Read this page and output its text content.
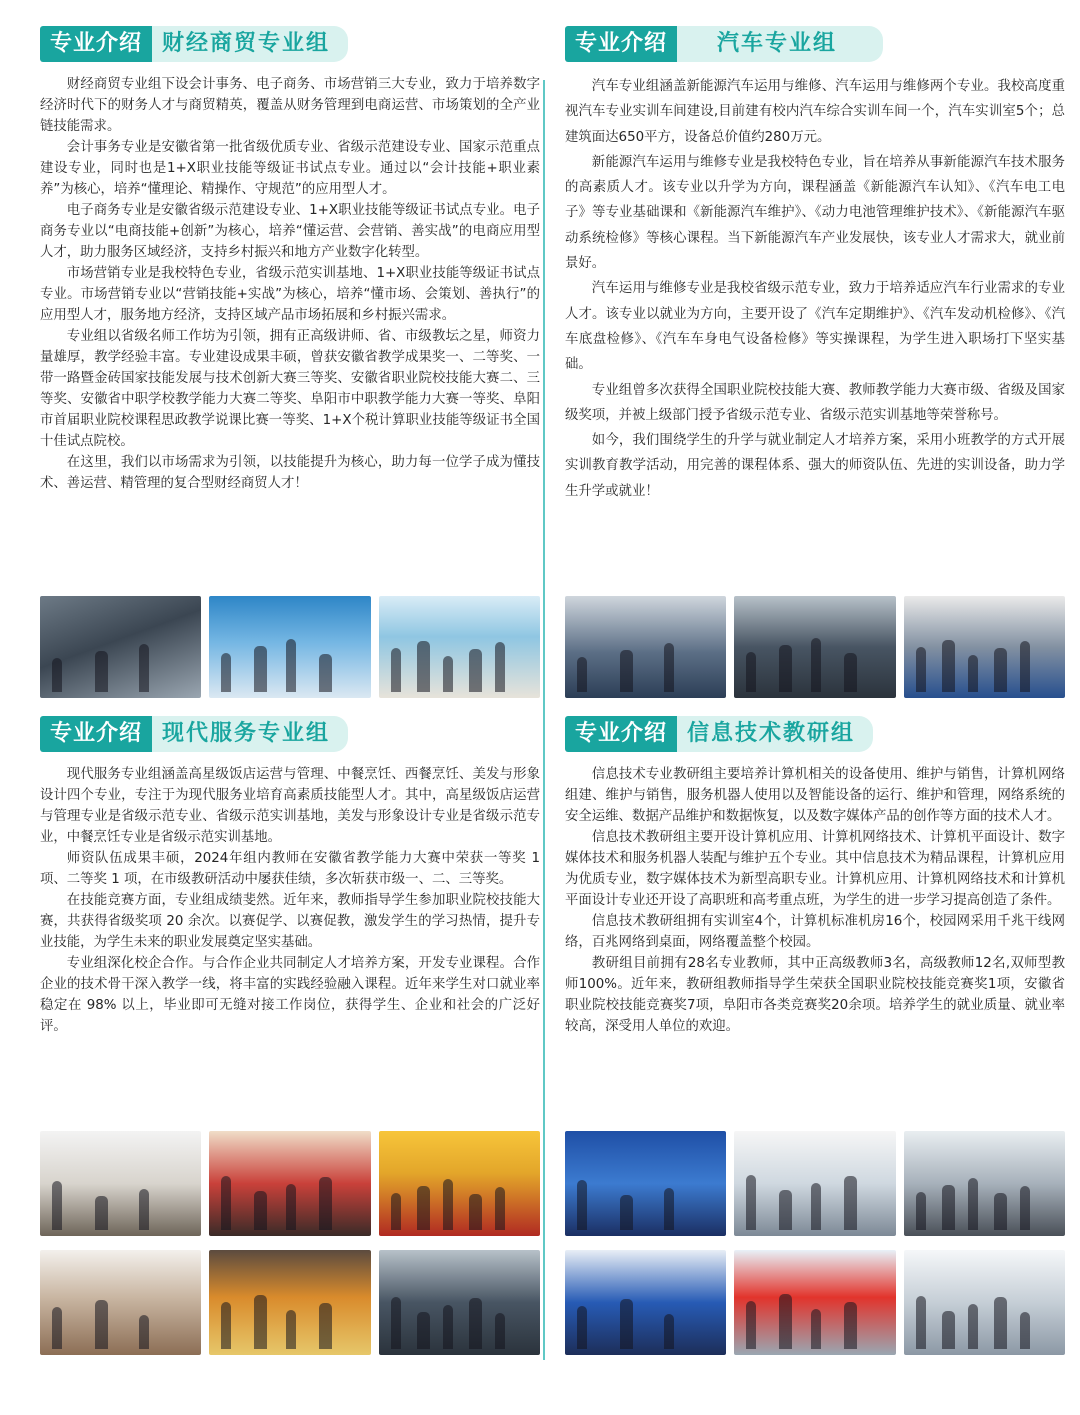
专业介绍 财经商贸专业组

财经商贸专业组下设会计事务、电子商务、市场营销三大专业，致力于培养数字经济时代下的财务人才与商贸精英，覆盖从财务管理到电商运营、市场策划的全产业链技能需求。

会计事务专业是安徽省第一批省级优质专业、省级示范建设专业、国家示范重点建设专业，同时也是1+X职业技能等级证书试点专业。通过以“会计技能+职业素养”为核心，培养“懂理论、精操作、守规范”的应用型人才。

电子商务专业是安徽省级示范建设专业、1+X职业技能等级证书试点专业。电子商务专业以“电商技能+创新”为核心，培养“懂运营、会营销、善实战”的电商应用型人才，助力服务区域经济，支持乡村振兴和地方产业数字化转型。

市场营销专业是我校特色专业，省级示范实训基地、1+X职业技能等级证书试点专业。市场营销专业以“营销技能+实战”为核心，培养“懂市场、会策划、善执行”的应用型人才，服务地方经济，支持区域产品市场拓展和乡村振兴需求。

专业组以省级名师工作坊为引领，拥有正高级讲师、省、市级教坛之星，师资力量雄厚，教学经验丰富。专业建设成果丰硕，曾获安徽省教学成果奖一、二等奖、一带一路暨金砖国家技能发展与技术创新大赛三等奖、安徽省职业院校技能大赛二、三等奖、安徽省中职学校教学能力大赛二等奖、阜阳市中职教学能力大赛一等奖、阜阳市首届职业院校课程思政教学说课比赛一等奖、1+X个税计算职业技能等级证书全国十佳试点院校。

在这里，我们以市场需求为引领，以技能提升为核心，助力每一位学子成为懂技术、善运营、精管理的复合型财经商贸人才！

专业介绍 现代服务专业组

现代服务专业组涵盖高星级饭店运营与管理、中餐烹饪、西餐烹饪、美发与形象设计四个专业，专注于为现代服务业培育高素质技能型人才。其中，高星级饭店运营与管理专业是省级示范专业、省级示范实训基地，美发与形象设计专业是省级示范专业，中餐烹饪专业是省级示范实训基地。

师资队伍成果丰硕，2024年组内教师在安徽省教学能力大赛中荣获一等奖 1 项、二等奖 1 项，在市级教研活动中屡获佳绩，多次斩获市级一、二、三等奖。

在技能竞赛方面，专业组成绩斐然。近年来，教师指导学生参加职业院校技能大赛，共获得省级奖项 20 余次。以赛促学、以赛促教，激发学生的学习热情，提升专业技能，为学生未来的职业发展奠定坚实基础。

专业组深化校企合作。与合作企业共同制定人才培养方案，开发专业课程。合作企业的技术骨干深入教学一线，将丰富的实践经验融入课程。近年来学生对口就业率稳定在 98% 以上，毕业即可无缝对接工作岗位，获得学生、企业和社会的广泛好评。

专业介绍	汽车专业组

汽车专业组涵盖新能源汽车运用与维修、汽车运用与维修两个专业。我校高度重视汽车专业实训车间建设,目前建有校内汽车综合实训车间一个，汽车实训室5个；总建筑面达650平方，设备总价值约280万元。

新能源汽车运用与维修专业是我校特色专业，旨在培养从事新能源汽车技术服务的高素质人才。该专业以升学为方向，课程涵盖《新能源汽车认知》、《汽车电工电子》等专业基础课和《新能源汽车维护》、《动力电池管理维护技术》、《新能源汽车驱动系统检修》等核心课程。当下新能源汽车产业发展快，该专业人才需求大，就业前景好。

汽车运用与维修专业是我校省级示范专业，致力于培养适应汽车行业需求的专业人才。该专业以就业为方向，主要开设了《汽车定期维护》、《汽车发动机检修》、《汽车底盘检修》、《汽车车身电气设备检修》等实操课程，为学生进入职场打下坚实基础。

专业组曾多次获得全国职业院校技能大赛、教师教学能力大赛市级、省级及国家级奖项，并被上级部门授予省级示范专业、省级示范实训基地等荣誉称号。

如今，我们围绕学生的升学与就业制定人才培养方案，采用小班教学的方式开展实训教育教学活动，用完善的课程体系、强大的师资队伍、先进的实训设备，助力学生升学或就业！

专业介绍 信息技术教研组

信息技术专业教研组主要培养计算机相关的设备使用、维护与销售，计算机网络组建、维护与销售，服务机器人使用以及智能设备的运行、维护和管理，网络系统的安全运维、数据产品维护和数据恢复，以及数字媒体产品的创作等方面的技术人才。

信息技术教研组主要开设计算机应用、计算机网络技术、计算机平面设计、数字媒体技术和服务机器人装配与维护五个专业。其中信息技术为精品课程，计算机应用为优质专业，数字媒体技术为新型高职专业。计算机应用、计算机网络技术和计算机平面设计专业还开设了高职班和高考重点班，为学生的进一步学习提高创造了条件。

信息技术教研组拥有实训室4个，计算机标准机房16个，校园网采用千兆干线网络，百兆网络到桌面，网络覆盖整个校园。

教研组目前拥有28名专业教师，其中正高级教师3名，高级教师12名,双师型教师100%。近年来，教研组教师指导学生荣获全国职业院校技能竞赛奖1项，安徽省职业院校技能竞赛奖7项，阜阳市各类竞赛奖20余项。培养学生的就业质量、就业率较高，深受用人单位的欢迎。
